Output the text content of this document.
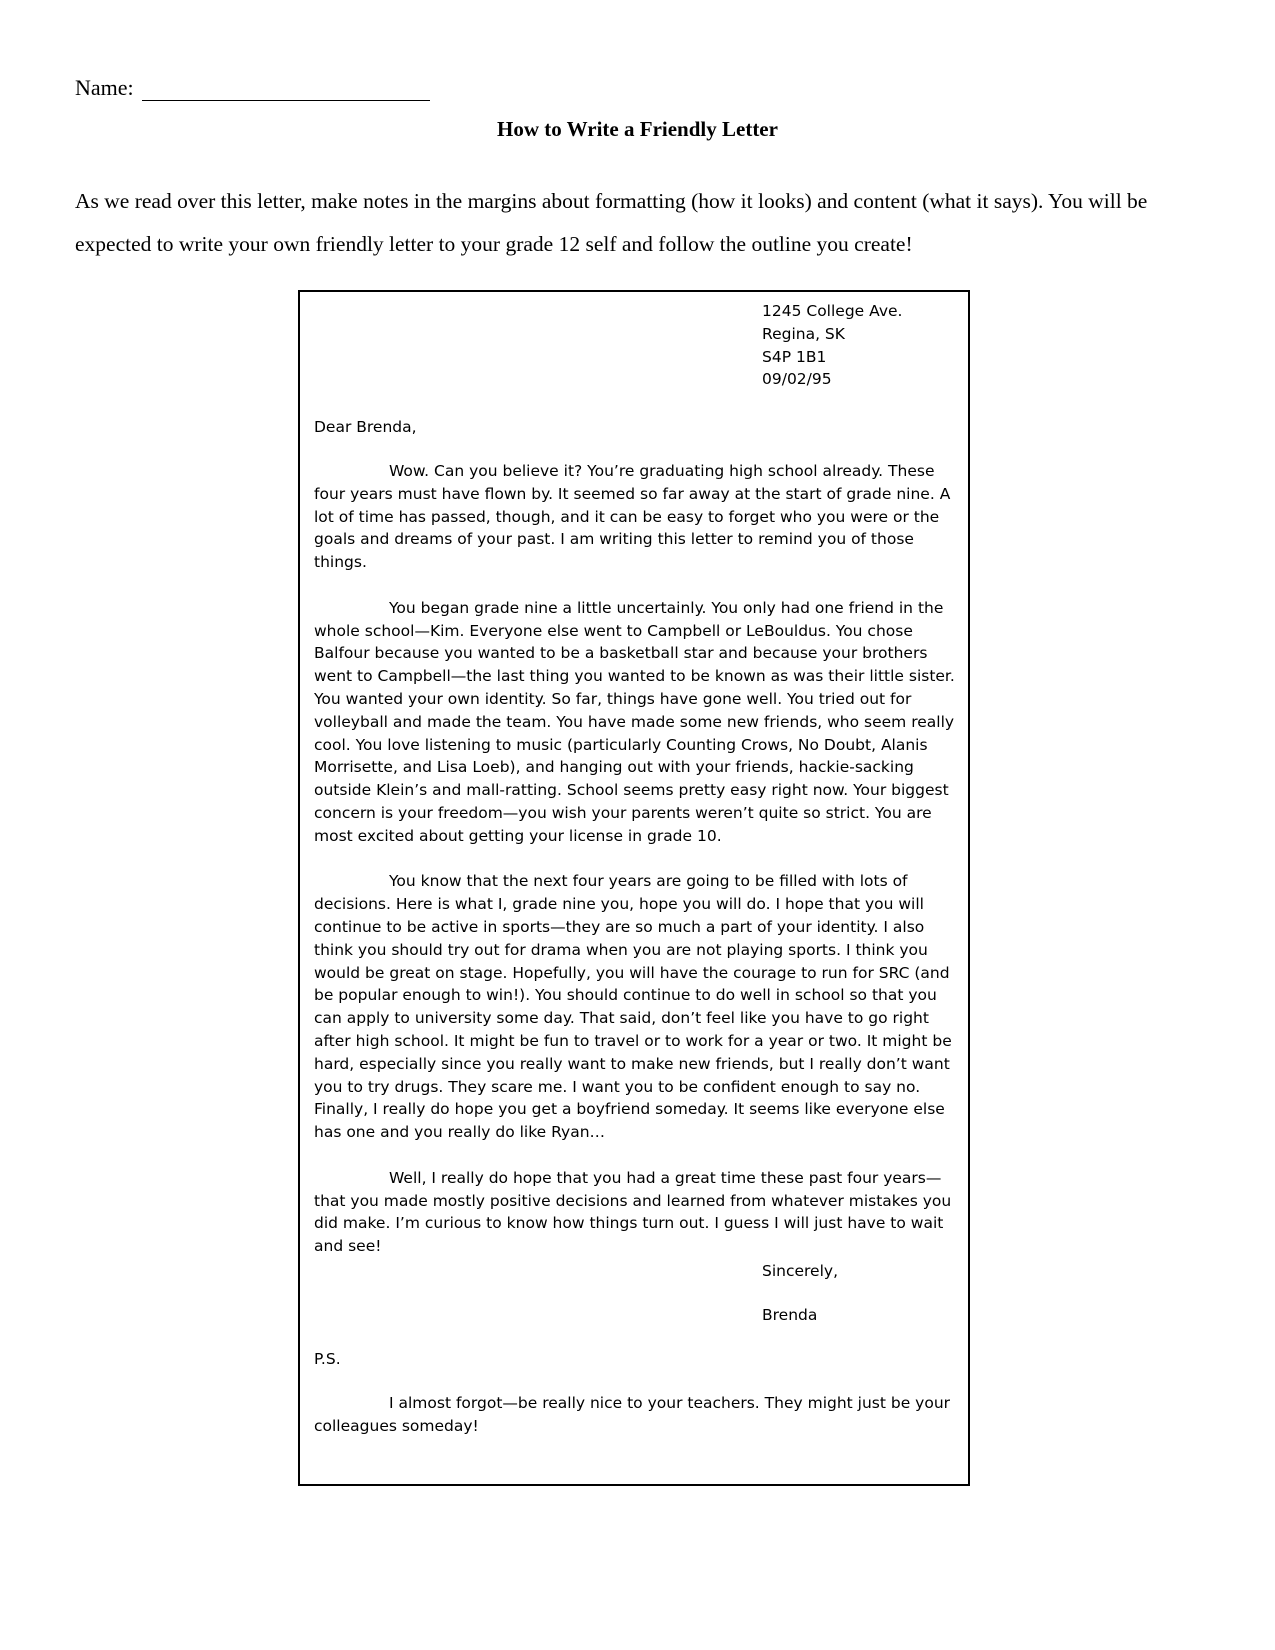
Name:
How to Write a Friendly Letter

As we read over this letter, make notes in the margins about formatting (how it looks) and content (what it says). You will be expected to write your own friendly letter to your grade 12 self and follow the outline you create!

1245 College Ave.
Regina, SK
S4P 1B1
09/02/95
Dear Brenda,

Wow. Can you believe it? You’re graduating high school already. These four years must have flown by. It seemed so far away at the start of grade nine. A lot of time has passed, though, and it can be easy to forget who you were or the goals and dreams of your past. I am writing this letter to remind you of those things.

You began grade nine a little uncertainly. You only had one friend in the whole school—Kim. Everyone else went to Campbell or LeBouldus. You chose Balfour because you wanted to be a basketball star and because your brothers went to Campbell—the last thing you wanted to be known as was their little sister. You wanted your own identity. So far, things have gone well. You tried out for volleyball and made the team. You have made some new friends, who seem really cool. You love listening to music (particularly Counting Crows, No Doubt, Alanis Morrisette, and Lisa Loeb), and hanging out with your friends, hackie-sacking outside Klein’s and mall-ratting. School seems pretty easy right now. Your biggest concern is your freedom—you wish your parents weren’t quite so strict. You are most excited about getting your license in grade 10.

You know that the next four years are going to be filled with lots of decisions. Here is what I, grade nine you, hope you will do. I hope that you will continue to be active in sports—they are so much a part of your identity. I also think you should try out for drama when you are not playing sports. I think you would be great on stage. Hopefully, you will have the courage to run for SRC (and be popular enough to win!). You should continue to do well in school so that you can apply to university some day. That said, don’t feel like you have to go right after high school. It might be fun to travel or to work for a year or two. It might be hard, especially since you really want to make new friends, but I really don’t want you to try drugs. They scare me. I want you to be confident enough to say no. Finally, I really do hope you get a boyfriend someday. It seems like everyone else has one and you really do like Ryan…

Well, I really do hope that you had a great time these past four years—that you made mostly positive decisions and learned from whatever mistakes you did make. I’m curious to know how things turn out. I guess I will just have to wait and see!

Sincerely,
Brenda
P.S.

I almost forgot—be really nice to your teachers. They might just be your colleagues someday!
